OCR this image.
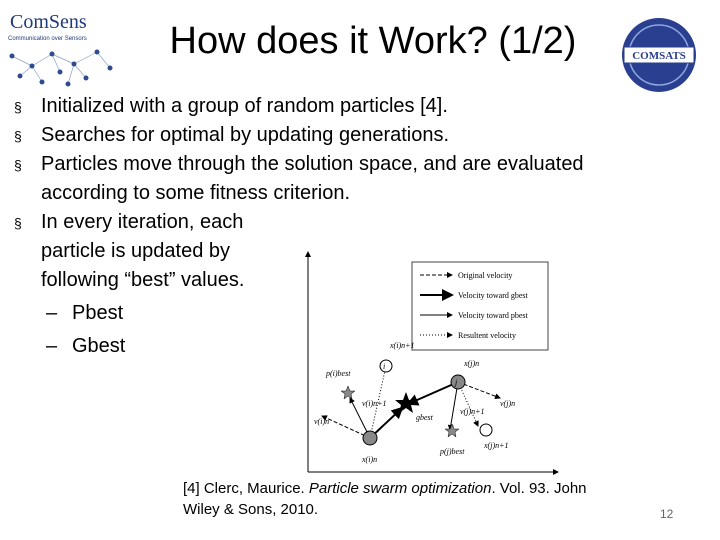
ComSens
Communication over Sensors	How does it Work? (1/2)	COMSATS
§ Initialized with a group of random particles [4].
§ Searches for optimal by updating generations.
§ Particles move through the solution space, and are evaluated according to some fitness criterion.
§ In every iteration, each particle is updated by following “best” values.
– Pbest
– Gbest
Original velocity
Velocity toward gbest
Velocity toward pbest
Resultent velocity
x(i)n+1
p(i)best
v(i)n+1
v(i)n
x(i)n
i
gbest
j
x(j)n
v(j)n
v(j)n+1
p(j)best
x(j)n+1
[4] Clerc, Maurice. Particle swarm optimization. Vol. 93. John Wiley & Sons, 2010.	12
